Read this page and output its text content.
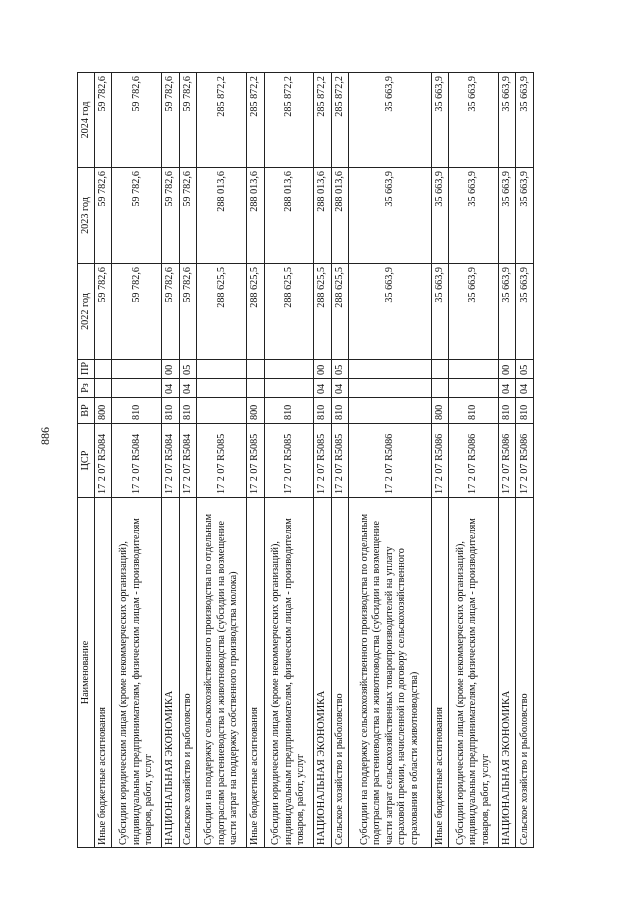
886
Наименование	ЦСР	ВР	Рз	ПР	2022 год	2023 год	2024 год
Иные бюджетные ассигнования	17 2 07 R5084	800			59 782,6	59 782,6	59 782,6
Субсидии юридическим лицам (кроме некоммерческих организаций), индивидуальным предпринимателям, физическим лицам - производителям товаров, работ, услуг	17 2 07 R5084	810			59 782,6	59 782,6	59 782,6
НАЦИОНАЛЬНАЯ ЭКОНОМИКА	17 2 07 R5084	810	04	00	59 782,6	59 782,6	59 782,6
Сельское хозяйство и рыболовство	17 2 07 R5084	810	04	05	59 782,6	59 782,6	59 782,6
Субсидии на поддержку сельскохозяйственного производства по отдельным подотраслям растениеводства и животноводства (субсидии на возмещение части затрат на поддержку собственного производства молока)	17 2 07 R5085				288 625,5	288 013,6	285 872,2
Иные бюджетные ассигнования	17 2 07 R5085	800			288 625,5	288 013,6	285 872,2
Субсидии юридическим лицам (кроме некоммерческих организаций), индивидуальным предпринимателям, физическим лицам - производителям товаров, работ, услуг	17 2 07 R5085	810			288 625,5	288 013,6	285 872,2
НАЦИОНАЛЬНАЯ ЭКОНОМИКА	17 2 07 R5085	810	04	00	288 625,5	288 013,6	285 872,2
Сельское хозяйство и рыболовство	17 2 07 R5085	810	04	05	288 625,5	288 013,6	285 872,2
Субсидии на поддержку сельскохозяйственного производства по отдельным подотраслям растениеводства и животноводства (субсидии на возмещение части затрат сельскохозяйственных товаропроизводителей на уплату страховой премии, начисленной по договору сельскохозяйственного страхования в области животноводства)	17 2 07 R5086				35 663,9	35 663,9	35 663,9
Иные бюджетные ассигнования	17 2 07 R5086	800			35 663,9	35 663,9	35 663,9
Субсидии юридическим лицам (кроме некоммерческих организаций), индивидуальным предпринимателям, физическим лицам - производителям товаров, работ, услуг	17 2 07 R5086	810			35 663,9	35 663,9	35 663,9
НАЦИОНАЛЬНАЯ ЭКОНОМИКА	17 2 07 R5086	810	04	00	35 663,9	35 663,9	35 663,9
Сельское хозяйство и рыболовство	17 2 07 R5086	810	04	05	35 663,9	35 663,9	35 663,9
